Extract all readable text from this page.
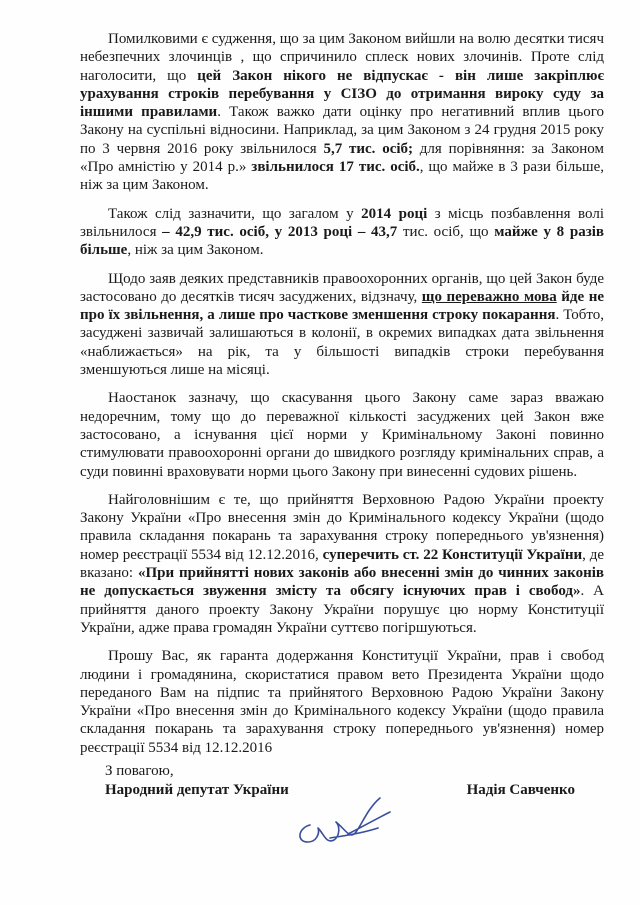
Помилковими є судження, що за цим Законом вийшли на волю десятки тисяч небезпечних злочинців , що спричинило сплеск нових злочинів. Проте слід наголосити, що цей Закон нікого не відпускає - він лише закріплює урахування строків перебування у СІЗО до отримання вироку суду за іншими правилами. Також важко дати оцінку про негативний вплив цього Закону на суспільні відносини. Наприклад, за цим Законом з 24 грудня 2015 року по 3 червня 2016 року звільнилося 5,7 тис. осіб; для порівняння: за Законом «Про амністію у 2014 р.» звільнилося 17 тис. осіб., що майже в 3 рази більше, ніж за цим Законом.

Також слід зазначити, що загалом у 2014 році з місць позбавлення волі звільнилося – 42,9 тис. осіб, у 2013 році – 43,7 тис. осіб, що майже у 8 разів більше, ніж за цим Законом.

Щодо заяв деяких представників правоохоронних органів, що цей Закон буде застосовано до десятків тисяч засуджених, відзначу, що переважно мова йде не про їх звільнення, а лише про часткове зменшення строку покарання. Тобто, засуджені зазвичай залишаються в колонії, в окремих випадках дата звільнення «наближається» на рік, та у більшості випадків строки перебування зменшуються лише на місяці.

Наостанок зазначу, що скасування цього Закону саме зараз вважаю недоречним, тому що до переважної кількості засуджених цей Закон вже застосовано, а існування цієї норми у Кримінальному Законі повинно стимулювати правоохоронні органи до швидкого розгляду кримінальних справ, а суди повинні враховувати норми цього Закону при винесенні судових рішень.

Найголовнішим є те, що прийняття Верховною Радою України проекту Закону України «Про внесення змін до Кримінального кодексу України (щодо правила складання покарань та зарахування строку попереднього ув'язнення) номер реєстрації 5534 від 12.12.2016, суперечить ст. 22 Конституції України, де вказано: «При прийнятті нових законів або внесенні змін до чинних законів не допускається звуження змісту та обсягу існуючих прав і свобод». А прийняття даного проекту Закону України порушує цю норму Конституції України, адже права громадян України суттєво погіршуються.

Прошу Вас, як гаранта додержання Конституції України, прав і свобод людини і громадянина, скористатися правом вето Президента України щодо переданого Вам на підпис та прийнятого Верховною Радою України Закону України «Про внесення змін до Кримінального кодексу України (щодо правила складання покарань та зарахування строку попереднього ув'язнення) номер реєстрації 5534 від 12.12.2016

З повагою,
Народний депутат України	Надія Савченко
